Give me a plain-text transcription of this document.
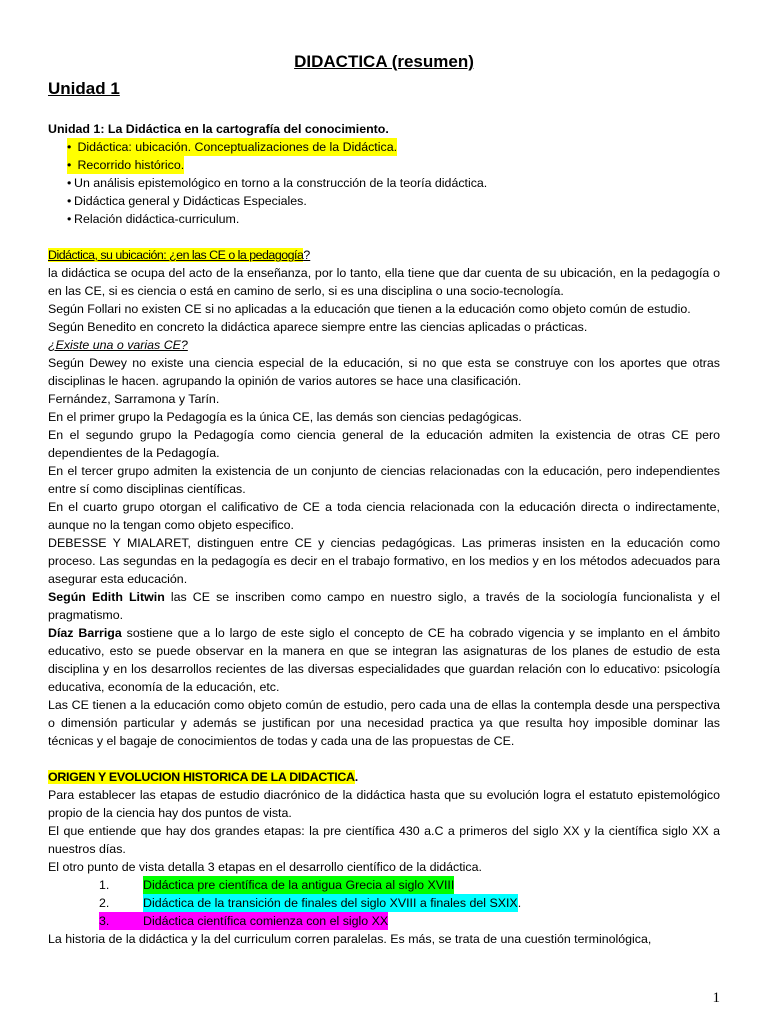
DIDACTICA (resumen)
Unidad 1
Unidad 1: La Didáctica en la cartografía del conocimiento.
• Didáctica: ubicación. Conceptualizaciones de la Didáctica.
• Recorrido histórico.
• Un análisis epistemológico en torno a la construcción de la teoría didáctica.
• Didáctica general y Didácticas Especiales.
• Relación didáctica-curriculum.

Didáctica, su ubicación: ¿en las CE o la pedagogía?

la didáctica se ocupa del acto de la enseñanza, por lo tanto, ella tiene que dar cuenta de su ubicación, en la pedagogía o en las CE, si es ciencia o está en camino de serlo, si es una disciplina o una socio-tecnología.

Según Follari no existen CE si no aplicadas a la educación que tienen a la educación como objeto común de estudio.

Según Benedito en concreto la didáctica aparece siempre entre las ciencias aplicadas o prácticas.

¿Existe una o varias CE?

Según Dewey no existe una ciencia especial de la educación, si no que esta se construye con los aportes que otras disciplinas le hacen. agrupando la opinión de varios autores se hace una clasificación.

Fernández, Sarramona y Tarín.

En el primer grupo la Pedagogía es la única CE, las demás son ciencias pedagógicas.

En el segundo grupo la Pedagogía como ciencia general de la educación admiten la existencia de otras CE pero dependientes de la Pedagogía.

En el tercer grupo admiten la existencia de un conjunto de ciencias relacionadas con la educación, pero independientes entre sí como disciplinas científicas.

En el cuarto grupo otorgan el calificativo de CE a toda ciencia relacionada con la educación directa o indirectamente, aunque no la tengan como objeto especifico.

DEBESSE Y MIALARET, distinguen entre CE y ciencias pedagógicas. Las primeras insisten en la educación como proceso. Las segundas en la pedagogía es decir en el trabajo formativo, en los medios y en los métodos adecuados para asegurar esta educación.

Según Edith Litwin las CE se inscriben como campo en nuestro siglo, a través de la sociología funcionalista y el pragmatismo.

Díaz Barriga sostiene que a lo largo de este siglo el concepto de CE ha cobrado vigencia y se implanto en el ámbito educativo, esto se puede observar en la manera en que se integran las asignaturas de los planes de estudio de esta disciplina y en los desarrollos recientes de las diversas especialidades que guardan relación con lo educativo: psicología educativa, economía de la educación, etc.

Las CE tienen a la educación como objeto común de estudio, pero cada una de ellas la contempla desde una perspectiva o dimensión particular y además se justifican por una necesidad practica ya que resulta hoy imposible dominar las técnicas y el bagaje de conocimientos de todas y cada una de las propuestas de CE.

ORIGEN Y EVOLUCION HISTORICA DE LA DIDACTICA.

Para establecer las etapas de estudio diacrónico de la didáctica hasta que su evolución logra el estatuto epistemológico propio de la ciencia hay dos puntos de vista.

El que entiende que hay dos grandes etapas: la pre científica 430 a.C a primeros del siglo XX y la científica siglo XX a nuestros días.

El otro punto de vista detalla 3 etapas en el desarrollo científico de la didáctica.

1.	Didáctica pre científica de la antigua Grecia al siglo XVIII
2.	Didáctica de la transición de finales del siglo XVIII a finales del SXIX .
3.	Didáctica científica comienza con el siglo XX

La historia de la didáctica y la del curriculum corren paralelas. Es más, se trata de una cuestión terminológica,

1
